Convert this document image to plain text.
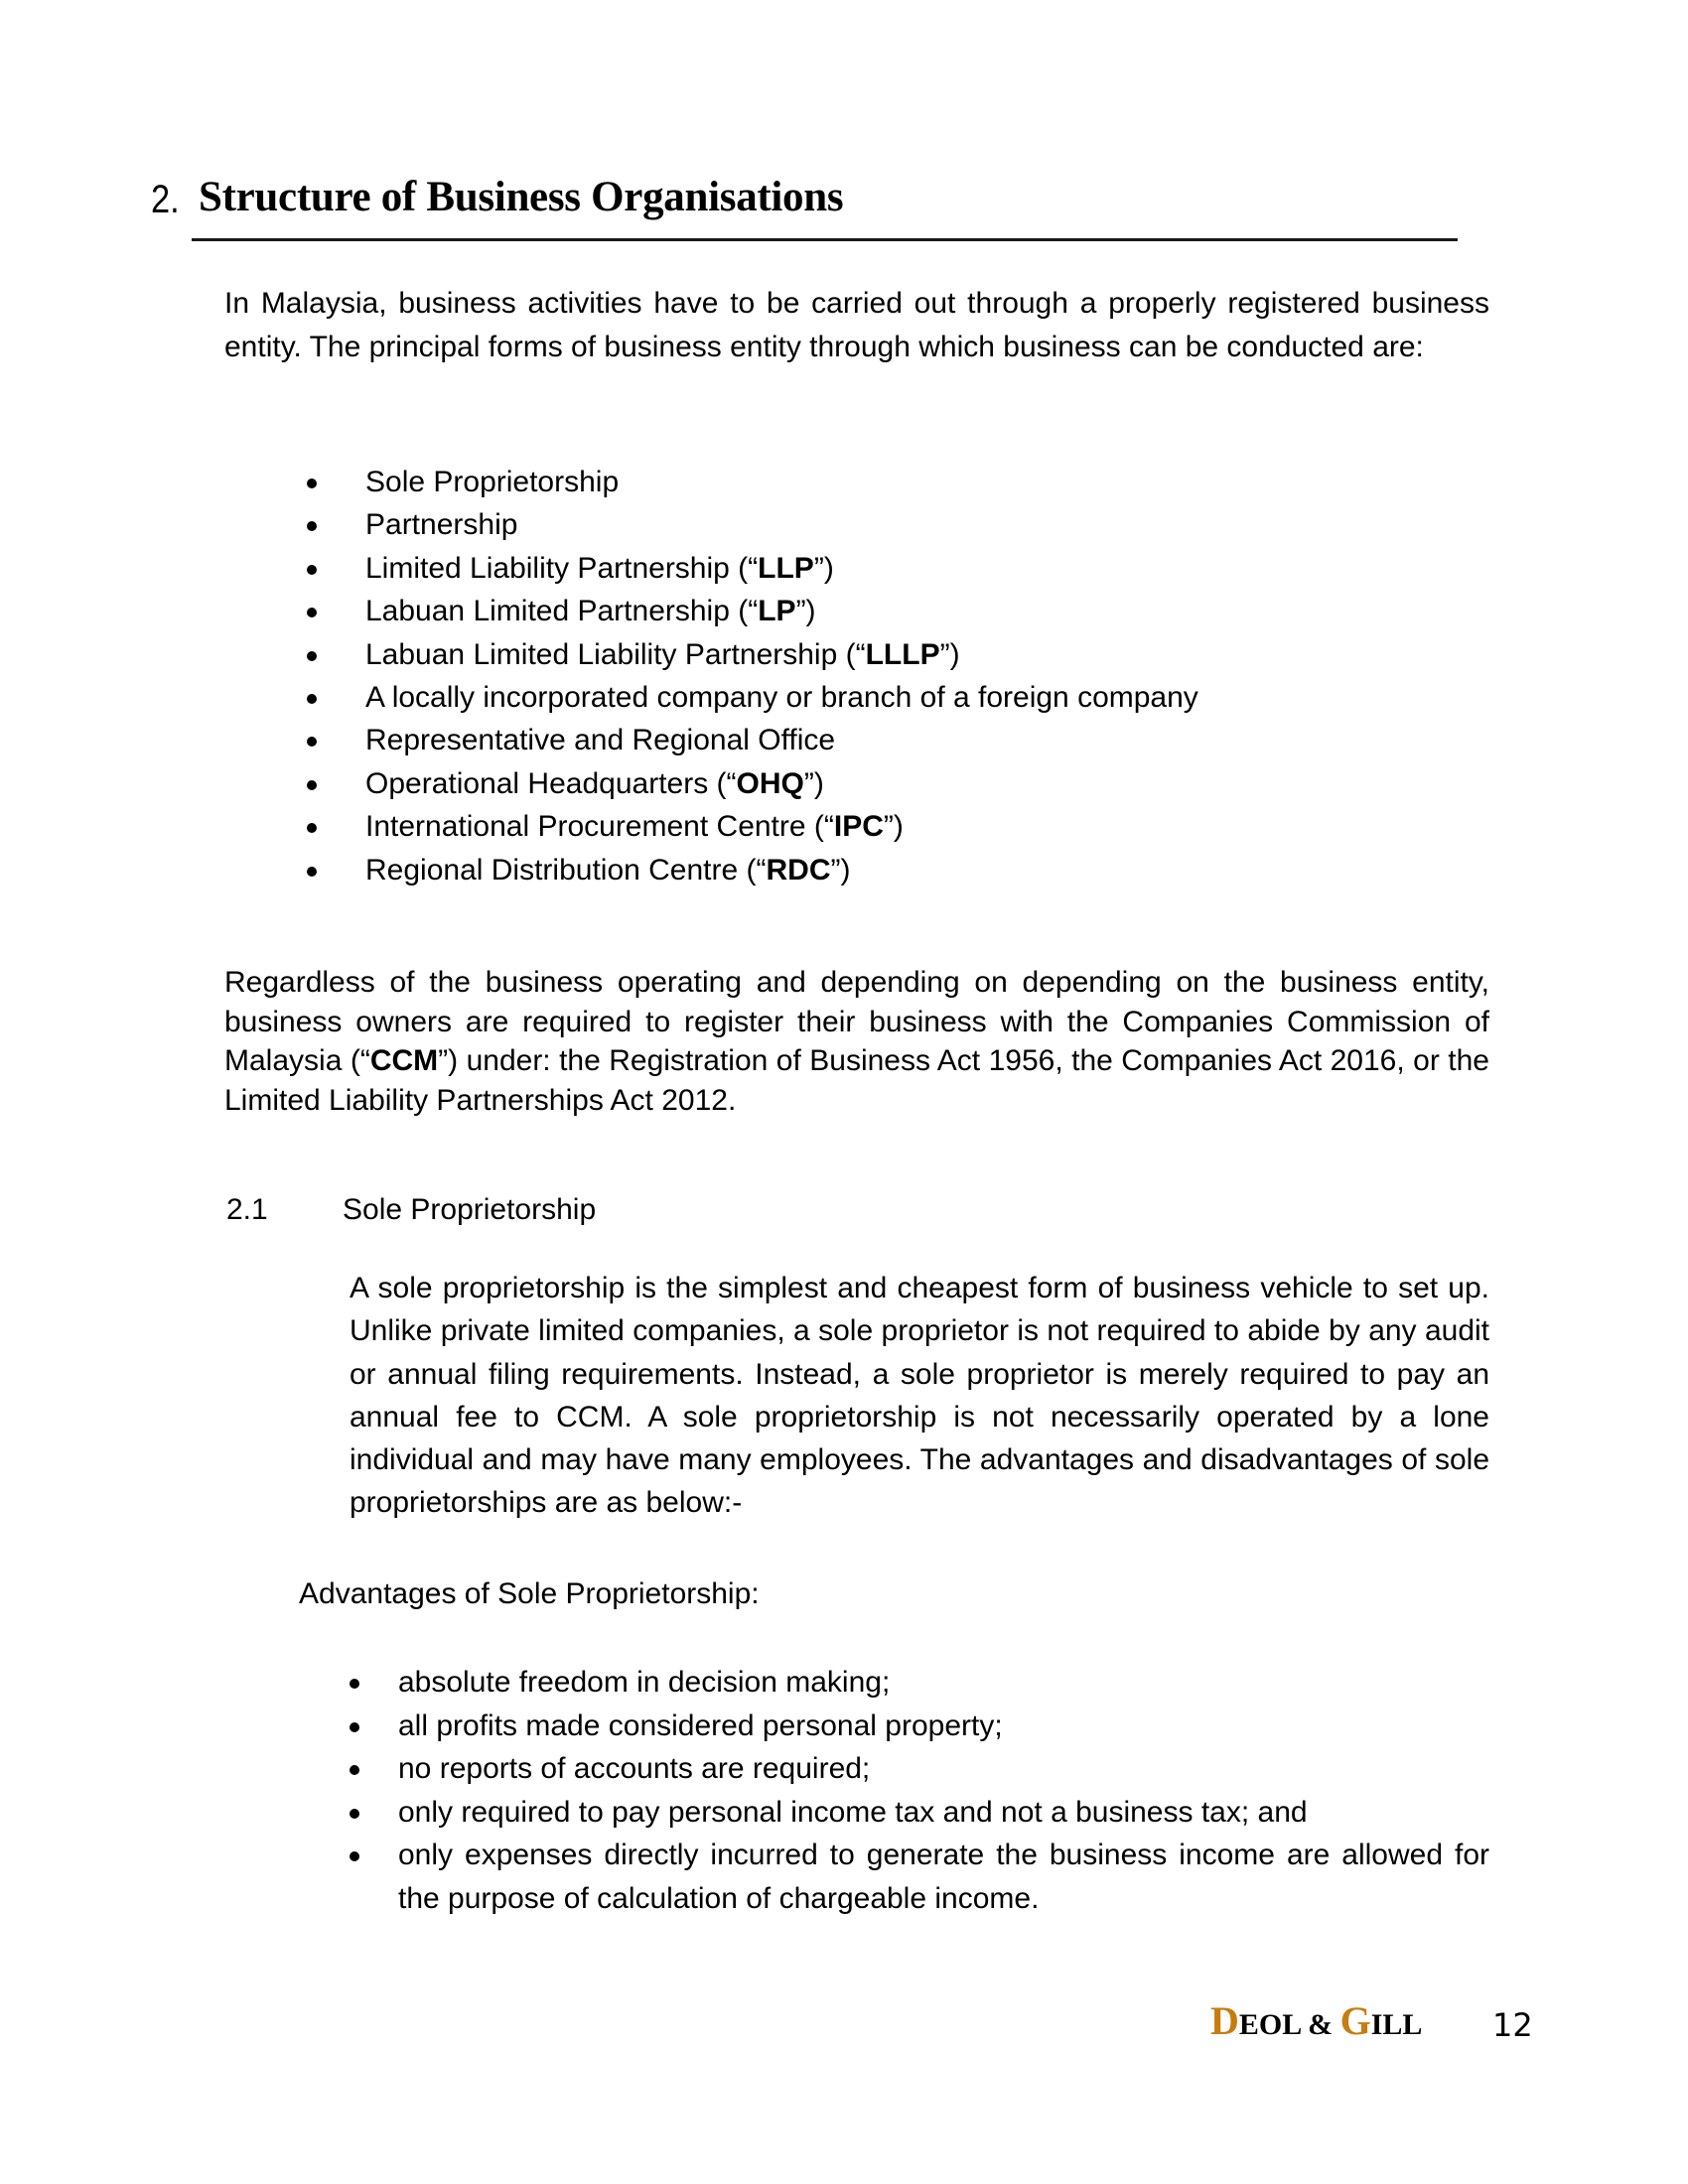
2. Structure of Business Organisations

In Malaysia, business activities have to be carried out through a properly registered business entity. The principal forms of business entity through which business can be conducted are:

Sole Proprietorship
Partnership
Limited Liability Partnership (“LLP”)
Labuan Limited Partnership (“LP”)
Labuan Limited Liability Partnership (“LLLP”)
A locally incorporated company or branch of a foreign company
Representative and Regional Office
Operational Headquarters (“OHQ”)
International Procurement Centre (“IPC”)
Regional Distribution Centre (“RDC”)

Regardless of the business operating and depending on depending on the business entity, business owners are required to register their business with the Companies Commission of Malaysia (“CCM”) under: the Registration of Business Act 1956, the Companies Act 2016, or the Limited Liability Partnerships Act 2012.

2.1	Sole Proprietorship

A sole proprietorship is the simplest and cheapest form of business vehicle to set up. Unlike private limited companies, a sole proprietor is not required to abide by any audit or annual filing requirements. Instead, a sole proprietor is merely required to pay an annual fee to CCM. A sole proprietorship is not necessarily operated by a lone individual and may have many employees. The advantages and disadvantages of sole proprietorships are as below:-

Advantages of Sole Proprietorship:
absolute freedom in decision making;
all profits made considered personal property;
no reports of accounts are required;
only required to pay personal income tax and not a business tax; and
only expenses directly incurred to generate the business income are allowed for the purpose of calculation of chargeable income.
DEOL & GILL 12
